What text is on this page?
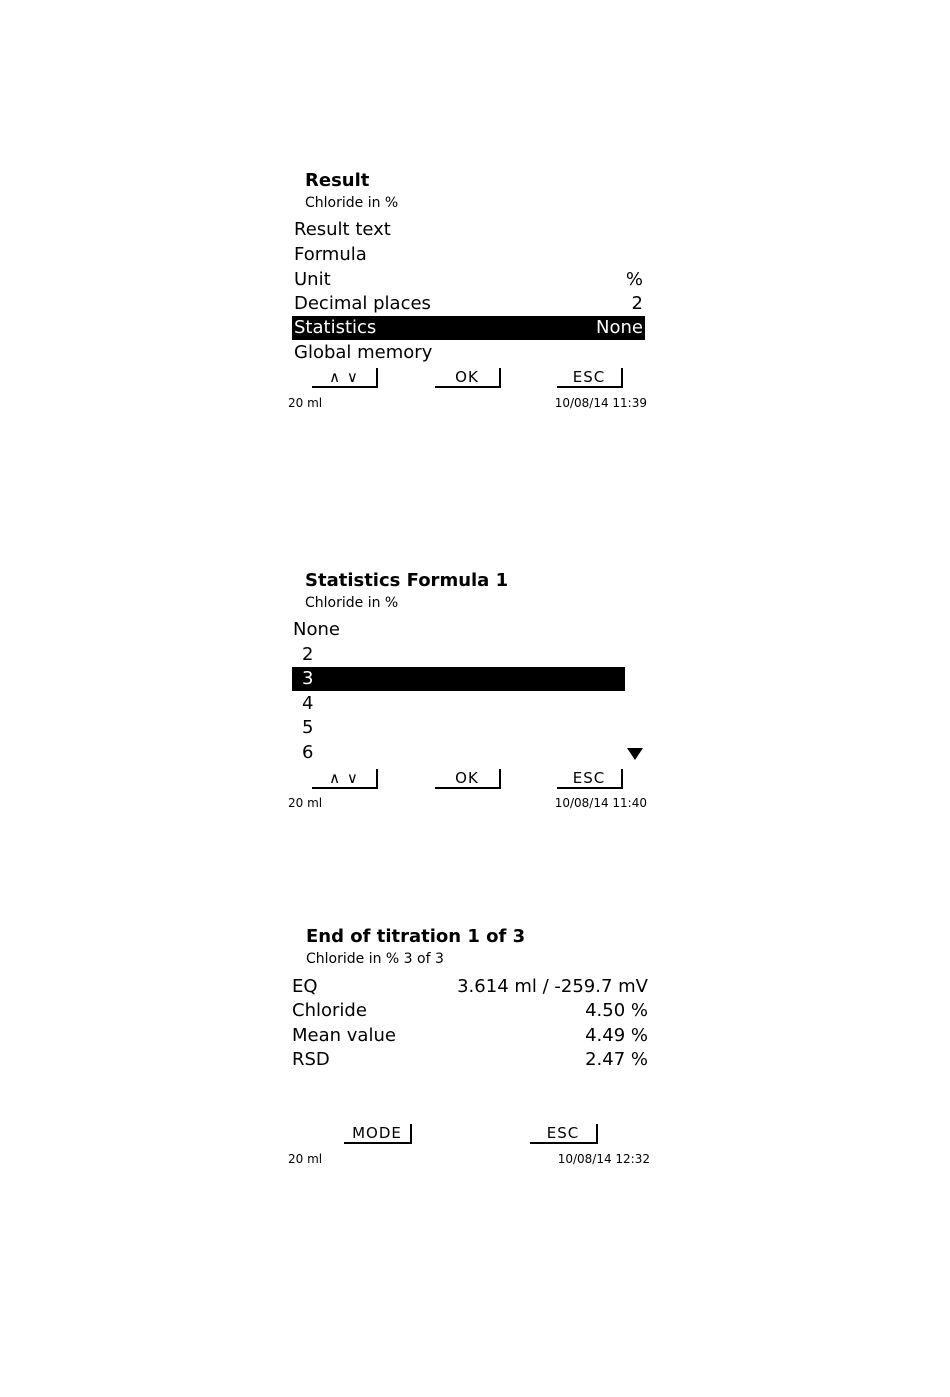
Result
Chloride in %
Result text
Formula
Unit	%
Decimal places	2
Statistics	None
Global memory
∧ ∨	OK	ESC
20 ml	10/08/14 11:39
Statistics Formula 1
Chloride in %
None
2
3
4
5
6
∧ ∨	OK	ESC
20 ml	10/08/14 11:40
End of titration 1 of 3
Chloride in % 3 of 3
EQ	3.614 ml / -259.7 mV
Chloride	4.50 %
Mean value	4.49 %
RSD	2.47 %
MODE	ESC
20 ml	10/08/14 12:32
